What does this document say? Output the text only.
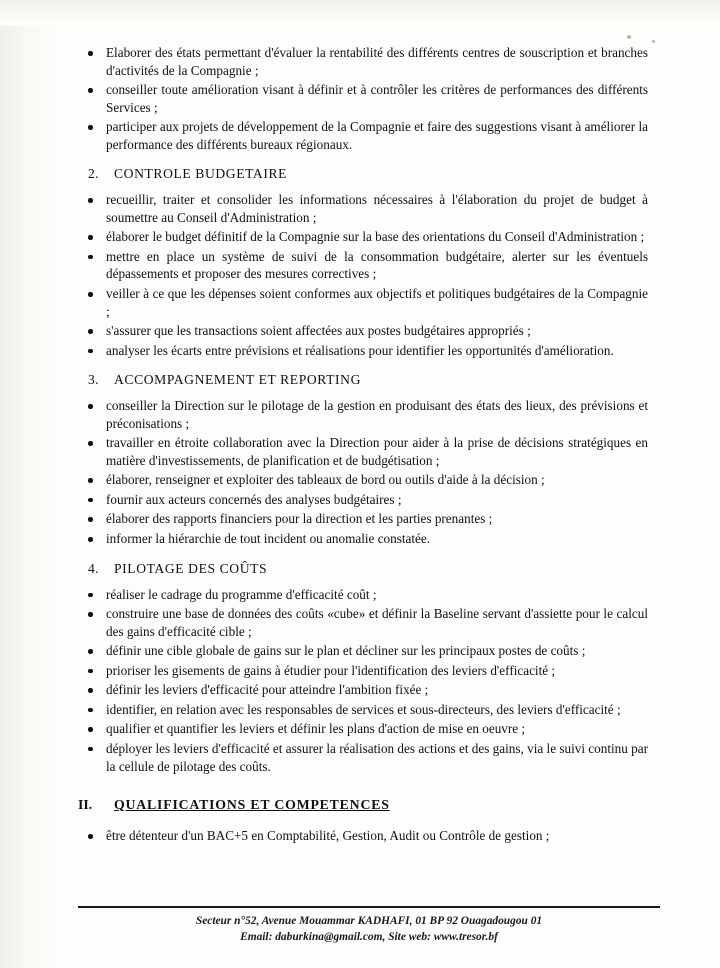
Elaborer des états permettant d'évaluer la rentabilité des différents centres de souscription et branches d'activités de la Compagnie ;
conseiller toute amélioration visant à définir et à contrôler les critères de performances des différents Services ;
participer aux projets de développement de la Compagnie et faire des suggestions visant à améliorer la performance des différents bureaux régionaux.
2.	CONTROLE BUDGETAIRE
recueillir, traiter et consolider les informations nécessaires à l'élaboration du projet de budget à soumettre au Conseil d'Administration ;
élaborer le budget définitif de la Compagnie sur la base des orientations du Conseil d'Administration ;
mettre en place un système de suivi de la consommation budgétaire, alerter sur les éventuels dépassements et proposer des mesures correctives ;
veiller à ce que les dépenses soient conformes aux objectifs et politiques budgétaires de la Compagnie ;
s'assurer que les transactions soient affectées aux postes budgétaires appropriés ;
analyser les écarts entre prévisions et réalisations pour identifier les opportunités d'amélioration.
3.	ACCOMPAGNEMENT ET REPORTING
conseiller la Direction sur le pilotage de la gestion en produisant des états des lieux, des prévisions et préconisations ;
travailler en étroite collaboration avec la Direction pour aider à la prise de décisions stratégiques en matière d'investissements, de planification et de budgétisation ;
élaborer, renseigner et exploiter des tableaux de bord ou outils d'aide à la décision ;
fournir aux acteurs concernés des analyses budgétaires ;
élaborer des rapports financiers pour la direction et les parties prenantes ;
informer la hiérarchie de tout incident ou anomalie constatée.
4.	PILOTAGE DES COÛTS
réaliser le cadrage du programme d'efficacité coût ;
construire une base de données des coûts «cube» et définir la Baseline servant d'assiette pour le calcul des gains d'efficacité cible ;
définir une cible globale de gains sur le plan et décliner sur les principaux postes de coûts ;
prioriser les gisements de gains à étudier pour l'identification des leviers d'efficacité ;
définir les leviers d'efficacité pour atteindre l'ambition fixée ;
identifier, en relation avec les responsables de services et sous-directeurs, des leviers d'efficacité ;
qualifier et quantifier les leviers et définir les plans d'action de mise en oeuvre ;
déployer les leviers d'efficacité et assurer la réalisation des actions et des gains, via le suivi continu par la cellule de pilotage des coûts.
II.	QUALIFICATIONS ET COMPETENCES
être détenteur d'un BAC+5 en Comptabilité, Gestion, Audit ou Contrôle de gestion ;
Secteur n°52, Avenue Mouammar KADHAFI, 01 BP 92 Ouagadougou 01
Email: daburkina@gmail.com, Site web: www.tresor.bf
